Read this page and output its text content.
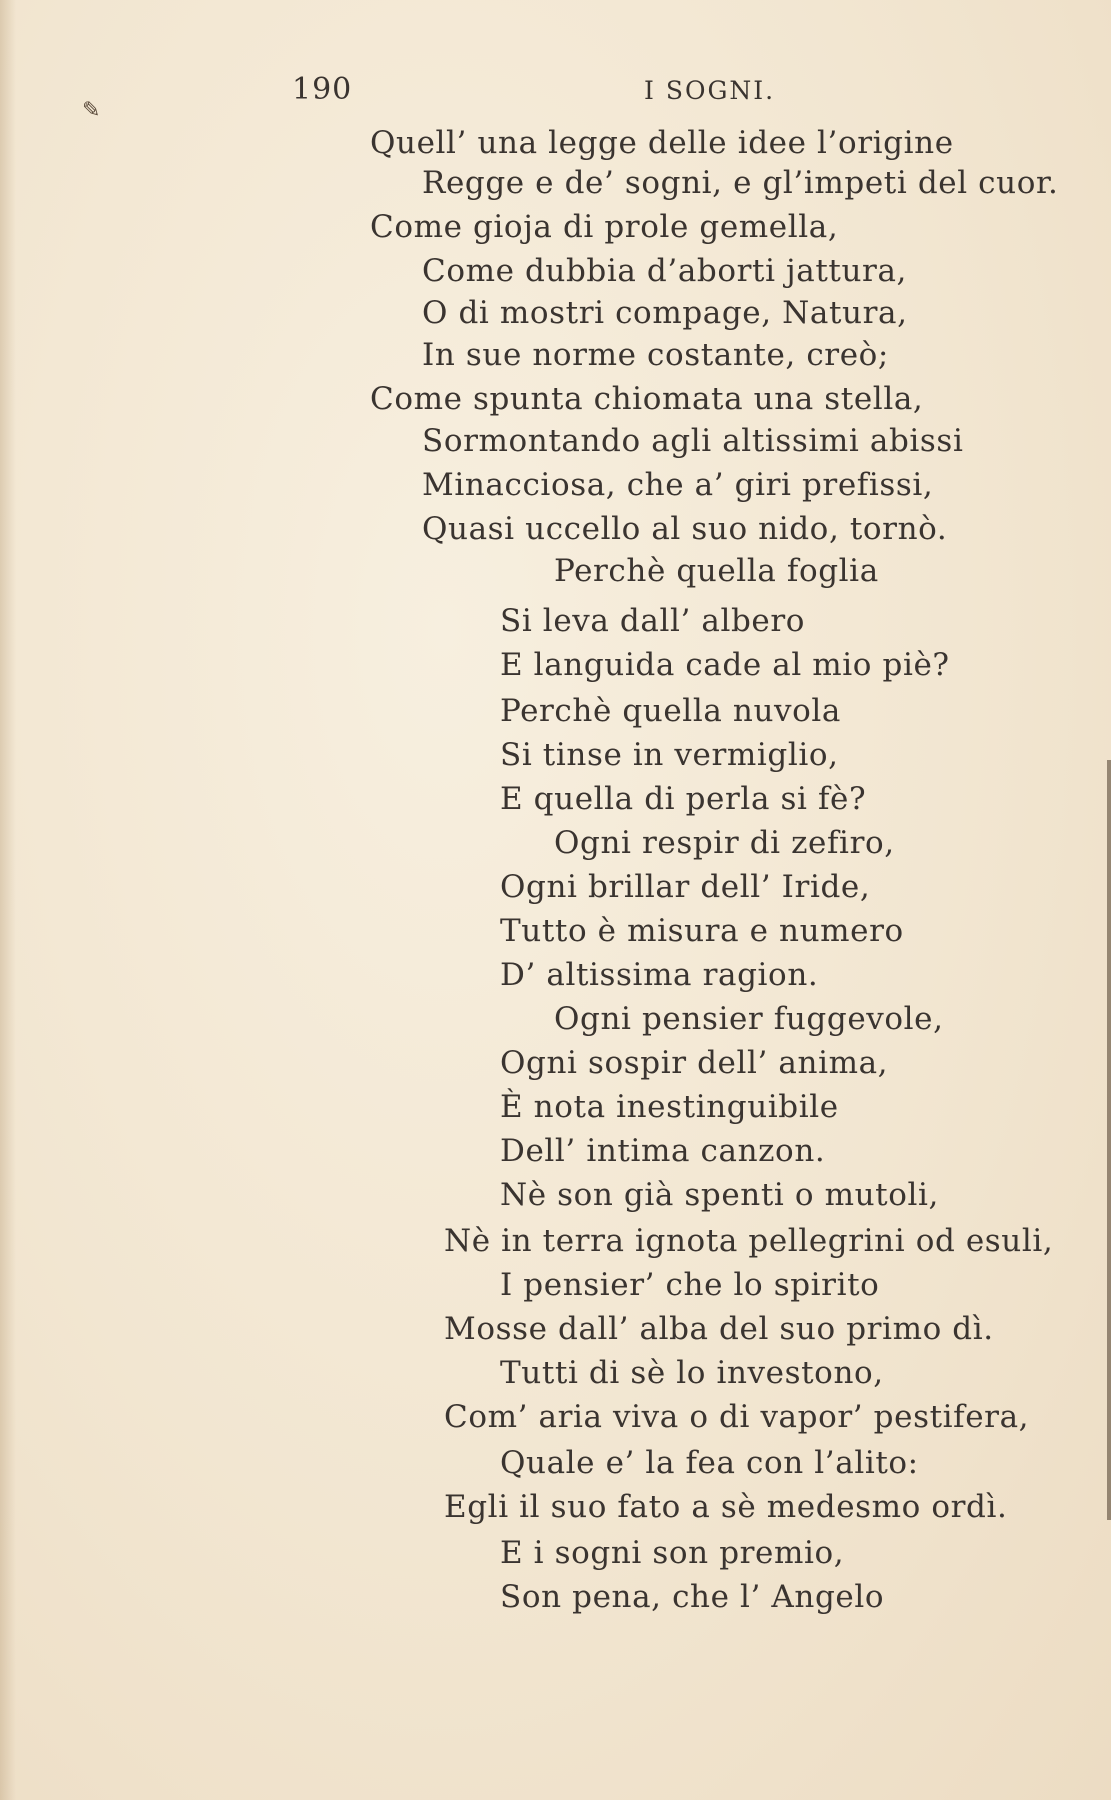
✎
190	I SOGNI.
Quell’ una legge delle idee l’origine
Regge e de’ sogni, e gl’impeti del cuor.
Come gioja di prole gemella,
Come dubbia d’aborti jattura,
O di mostri compage, Natura,
In sue norme costante, creò;
Come spunta chiomata una stella,
Sormontando agli altissimi abissi
Minacciosa, che a’ giri prefissi,
Quasi uccello al suo nido, tornò.
Perchè quella foglia
Si leva dall’ albero
E languida cade al mio piè?
Perchè quella nuvola
Si tinse in vermiglio,
E quella di perla si fè?
Ogni respir di zefiro,
Ogni brillar dell’ Iride,
Tutto è misura e numero
D’ altissima ragion.
Ogni pensier fuggevole,
Ogni sospir dell’ anima,
È nota inestinguibile
Dell’ intima canzon.
Nè son già spenti o mutoli,
Nè in terra ignota pellegrini od esuli,
I pensier’ che lo spirito
Mosse dall’ alba del suo primo dì.
Tutti di sè lo investono,
Com’ aria viva o di vapor’ pestifera,
Quale e’ la fea con l’alito:
Egli il suo fato a sè medesmo ordì.
E i sogni son premio,
Son pena, che l’ Angelo
